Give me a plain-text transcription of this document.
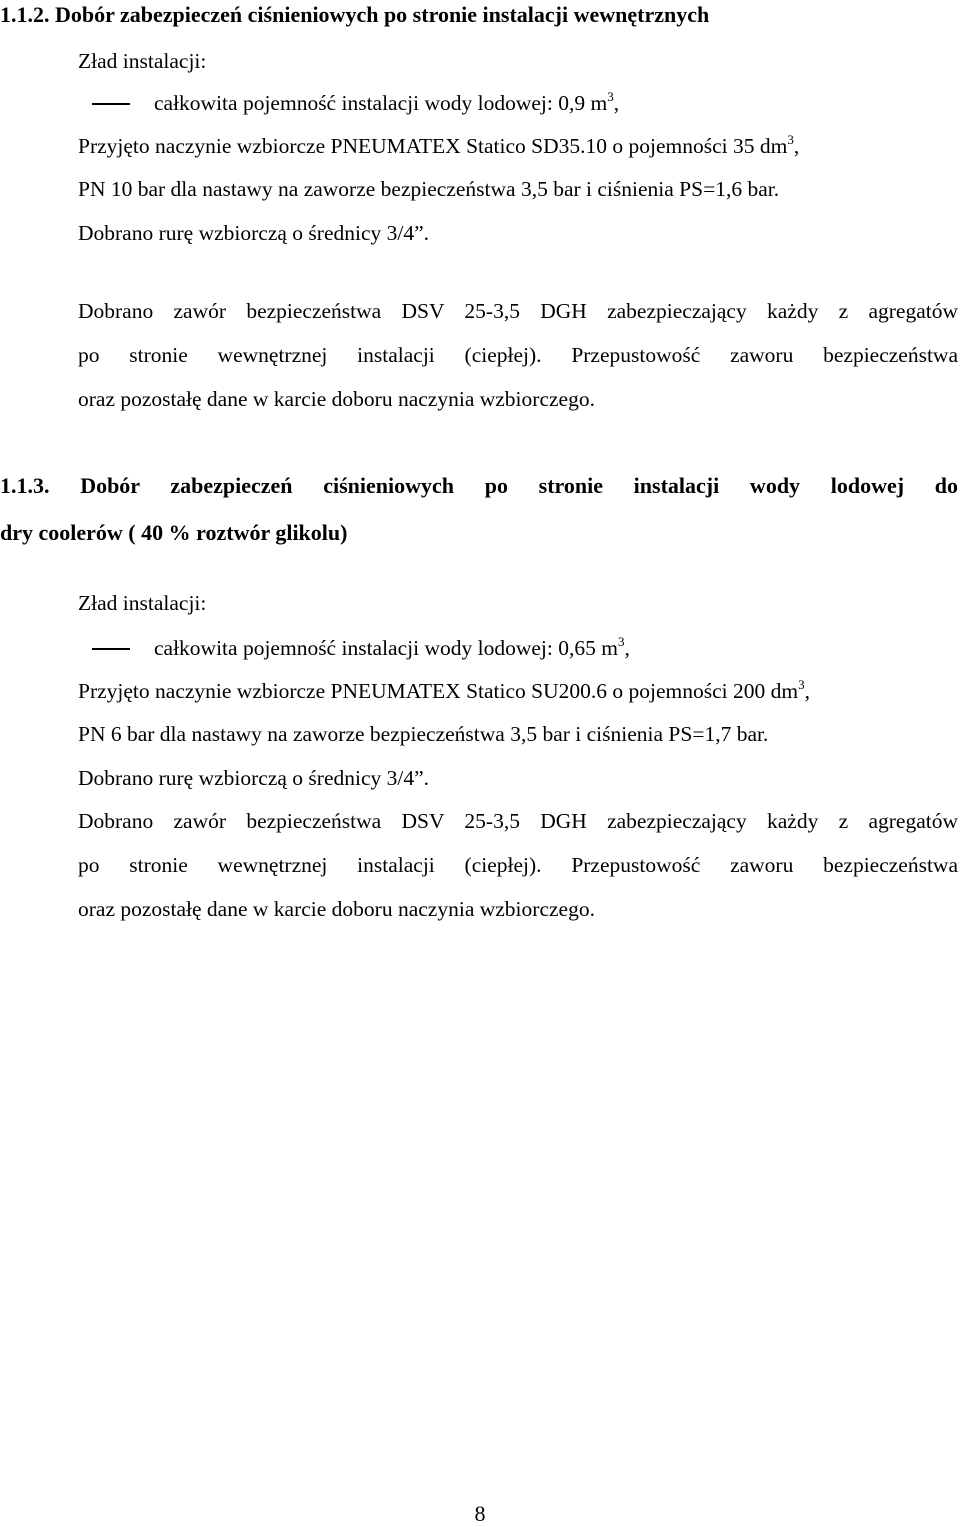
1.1.2. Dobór zabezpieczeń ciśnieniowych po stronie instalacji wewnętrznych
Zład instalacji:
całkowita pojemność instalacji wody lodowej: 0,9 $m^3$,
Przyjęto naczynie wzbiorcze PNEUMATEX Statico SD35.10 o pojemności 35 $dm^3$,
PN 10 bar dla nastawy na zaworze bezpieczeństwa 3,5 bar i ciśnienia PS=1,6 bar.
Dobrano rurę wzbiorczą o średnicy 3/4”.
Dobrano zawór bezpieczeństwa DSV 25-3,5 DGH zabezpieczający każdy z agregatów
po stronie wewnętrznej instalacji (ciepłej). Przepustowość zaworu bezpieczeństwa
oraz pozostałę dane w karcie doboru naczynia wzbiorczego.
1.1.3. Dobór zabezpieczeń ciśnieniowych po stronie instalacji wody lodowej do
dry coolerów ( 40 % roztwór glikolu)
Zład instalacji:
całkowita pojemność instalacji wody lodowej: 0,65 $m^3$,
Przyjęto naczynie wzbiorcze PNEUMATEX Statico SU200.6 o pojemności 200 $dm^3$,
PN 6 bar dla nastawy na zaworze bezpieczeństwa 3,5 bar i ciśnienia PS=1,7 bar.
Dobrano rurę wzbiorczą o średnicy 3/4”.
Dobrano zawór bezpieczeństwa DSV 25-3,5 DGH zabezpieczający każdy z agregatów
po stronie wewnętrznej instalacji (ciepłej). Przepustowość zaworu bezpieczeństwa
oraz pozostałę dane w karcie doboru naczynia wzbiorczego.
8
